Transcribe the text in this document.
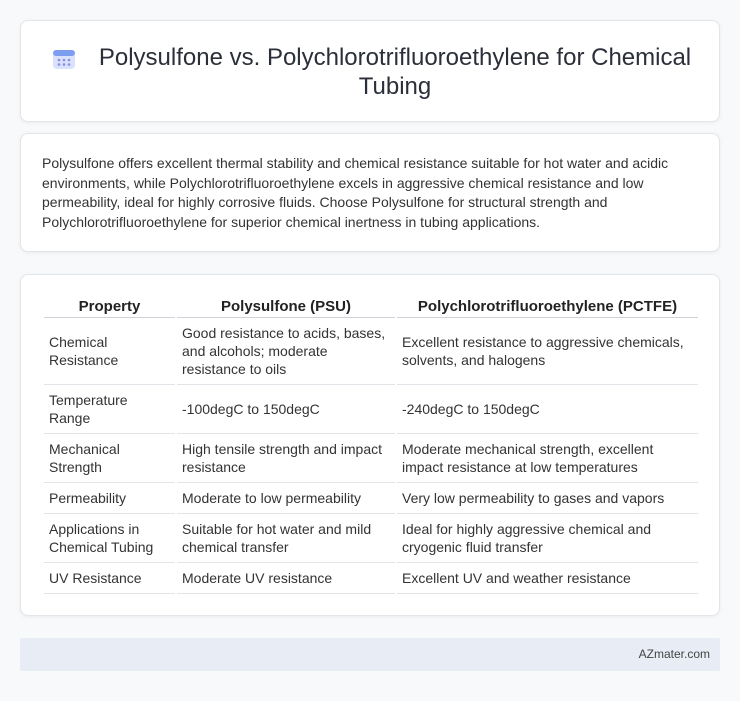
Polysulfone vs. Polychlorotrifluoroethylene for Chemical Tubing

Polysulfone offers excellent thermal stability and chemical resistance suitable for hot water and acidic environments, while Polychlorotrifluoroethylene excels in aggressive chemical resistance and low permeability, ideal for highly corrosive fluids. Choose Polysulfone for structural strength and Polychlorotrifluoroethylene for superior chemical inertness in tubing applications.

Property	Polysulfone (PSU)	Polychlorotrifluoroethylene (PCTFE)
Chemical Resistance	Good resistance to acids, bases, and alcohols; moderate resistance to oils	Excellent resistance to aggressive chemicals, solvents, and halogens
Temperature Range	-100degC to 150degC	-240degC to 150degC
Mechanical Strength	High tensile strength and impact resistance	Moderate mechanical strength, excellent impact resistance at low temperatures
Permeability	Moderate to low permeability	Very low permeability to gases and vapors
Applications in Chemical Tubing	Suitable for hot water and mild chemical transfer	Ideal for highly aggressive chemical and cryogenic fluid transfer
UV Resistance	Moderate UV resistance	Excellent UV and weather resistance
AZmater.com
